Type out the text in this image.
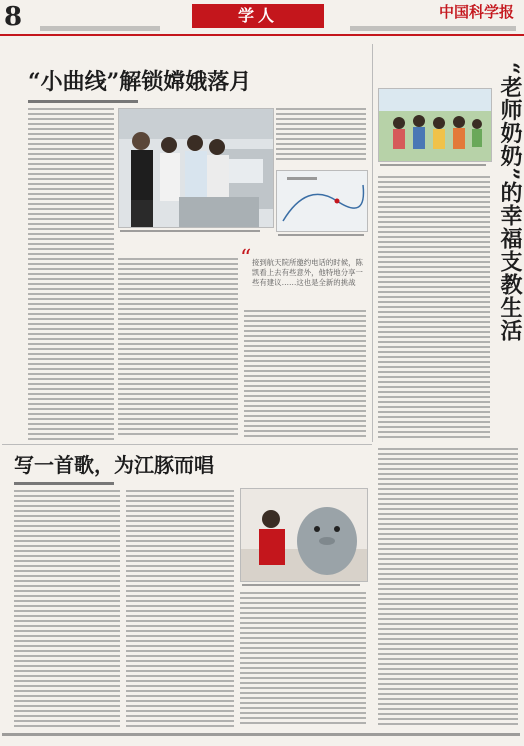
8	学人	中国科学报
“小曲线”解锁嫦娥落月
“ 接到航天院所邀约电话的时候，陈凯看上去有些意外，他特地分享一些有建议……这也是全新的挑战	“老师奶奶”的幸福支教生活
写一首歌，为江豚而唱
